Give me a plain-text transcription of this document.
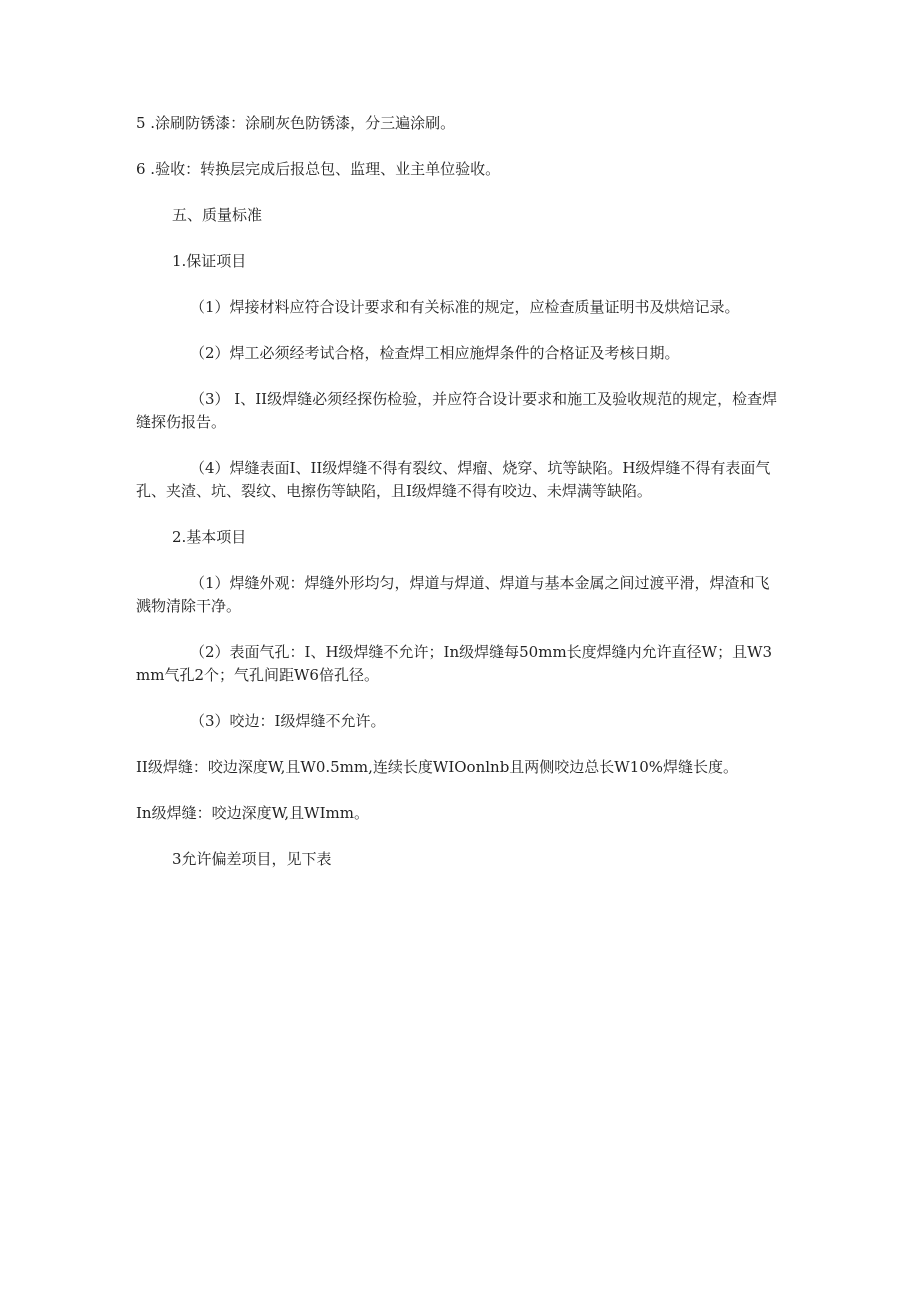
5 .涂刷防锈漆：涂刷灰色防锈漆，分三遍涂刷。

6 .验收：转换层完成后报总包、监理、业主单位验收。

五、质量标准

1.保证项目

（1）焊接材料应符合设计要求和有关标准的规定，应检查质量证明书及烘焙记录。

（2）焊工必须经考试合格，检查焊工相应施焊条件的合格证及考核日期。

（3） I、II级焊缝必须经探伤检验，并应符合设计要求和施工及验收规范的规定，检查焊缝探伤报告。

（4）焊缝表面I、II级焊缝不得有裂纹、焊瘤、烧穿、坑等缺陷。H级焊缝不得有表面气孔、夹渣、坑、裂纹、电擦伤等缺陷，且I级焊缝不得有咬边、未焊满等缺陷。

2.基本项目

（1）焊缝外观：焊缝外形均匀，焊道与焊道、焊道与基本金属之间过渡平滑，焊渣和飞溅物清除干净。

（2）表面气孔：I、H级焊缝不允许；In级焊缝每50mm长度焊缝内允许直径W；且W3mm气孔2个；气孔间距W6倍孔径。

（3）咬边：I级焊缝不允许。

II级焊缝：咬边深度W,且W0.5mm,连续长度WIOonlnb且两侧咬边总长W10%焊缝长度。

In级焊缝：咬边深度W,且WImm。

3允许偏差项目，见下表
